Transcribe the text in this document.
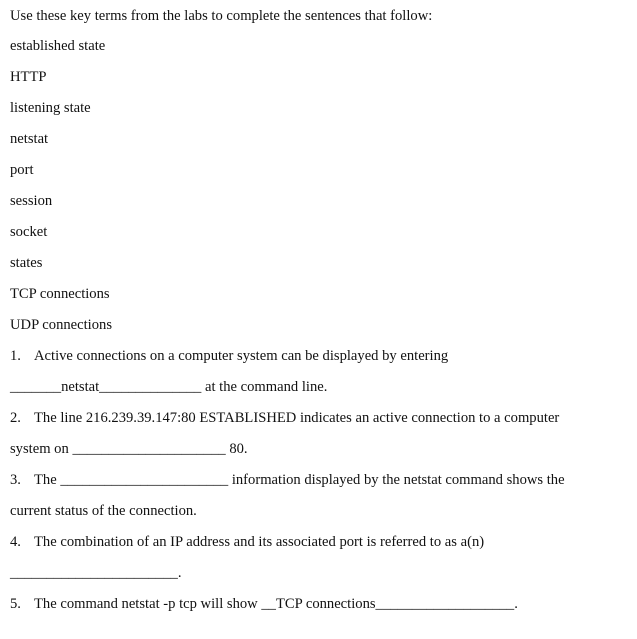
Use these key terms from the labs to complete the sentences that follow:
established state
HTTP
listening state
netstat
port
session
socket
states
TCP connections
UDP connections
1. Active connections on a computer system can be displayed by entering
_______netstat______________ at the command line.
2. The line 216.239.39.147:80 ESTABLISHED indicates an active connection to a computer
system on _____________________ 80.
3. The _______________________ information displayed by the netstat command shows the
current status of the connection.
4. The combination of an IP address and its associated port is referred to as a(n)
_______________________.
5. The command netstat -p tcp will show __TCP connections___________________.
